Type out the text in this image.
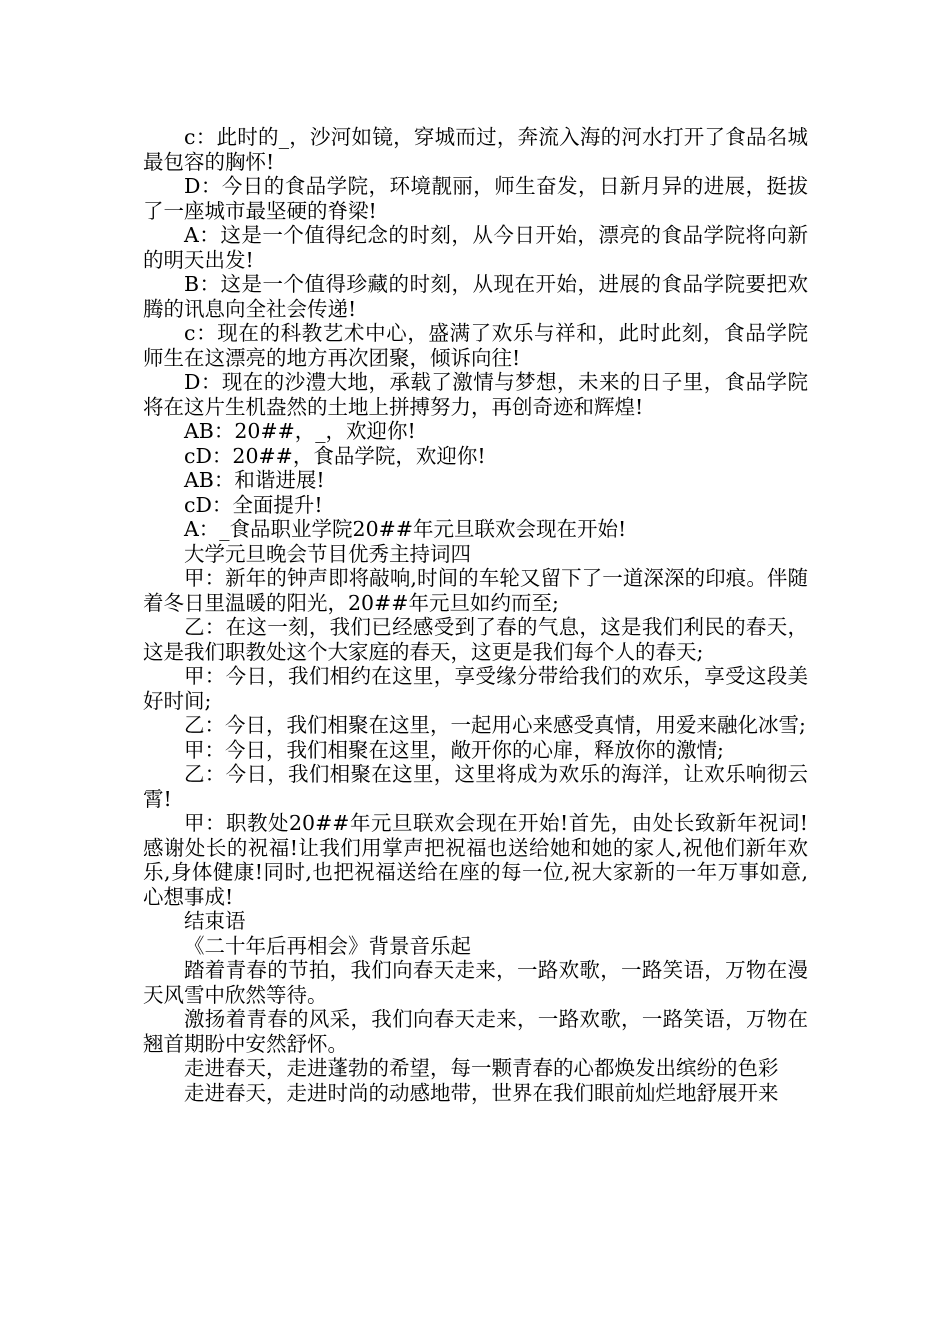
c：此时的_，沙河如镜，穿城而过，奔流入海的河水打开了食品名城最包容的胸怀!

D：今日的食品学院，环境靓丽，师生奋发，日新月异的进展，挺拔了一座城市最坚硬的脊梁!

A：这是一个值得纪念的时刻，从今日开始，漂亮的食品学院将向新的明天出发!

B：这是一个值得珍藏的时刻，从现在开始，进展的食品学院要把欢腾的讯息向全社会传递!

c：现在的科教艺术中心，盛满了欢乐与祥和，此时此刻，食品学院师生在这漂亮的地方再次团聚，倾诉向往!

D：现在的沙澧大地，承载了激情与梦想，未来的日子里，食品学院将在这片生机盎然的土地上拼搏努力，再创奇迹和辉煌!

AB：20##，_，欢迎你!

cD：20##，食品学院，欢迎你!

AB：和谐进展!

cD：全面提升!

A：_食品职业学院20##年元旦联欢会现在开始!

大学元旦晚会节目优秀主持词四

甲：新年的钟声即将敲响,时间的车轮又留下了一道深深的印痕。伴随着冬日里温暖的阳光，20##年元旦如约而至;

乙：在这一刻，我们已经感受到了春的气息，这是我们利民的春天，这是我们职教处这个大家庭的春天，这更是我们每个人的春天;

甲：今日，我们相约在这里，享受缘分带给我们的欢乐，享受这段美好时间;

乙：今日，我们相聚在这里，一起用心来感受真情，用爱来融化冰雪;

甲：今日，我们相聚在这里，敞开你的心扉，释放你的激情;

乙：今日，我们相聚在这里，这里将成为欢乐的海洋，让欢乐响彻云霄!

甲：职教处20##年元旦联欢会现在开始!首先，由处长致新年祝词!感谢处长的祝福!让我们用掌声把祝福也送给她和她的家人,祝他们新年欢乐,身体健康!同时,也把祝福送给在座的每一位,祝大家新的一年万事如意,心想事成!

结束语

《二十年后再相会》背景音乐起

踏着青春的节拍，我们向春天走来，一路欢歌，一路笑语，万物在漫天风雪中欣然等待。

激扬着青春的风采，我们向春天走来，一路欢歌，一路笑语，万物在翘首期盼中安然舒怀。

走进春天，走进蓬勃的希望，每一颗青春的心都焕发出缤纷的色彩

走进春天，走进时尚的动感地带，世界在我们眼前灿烂地舒展开来
